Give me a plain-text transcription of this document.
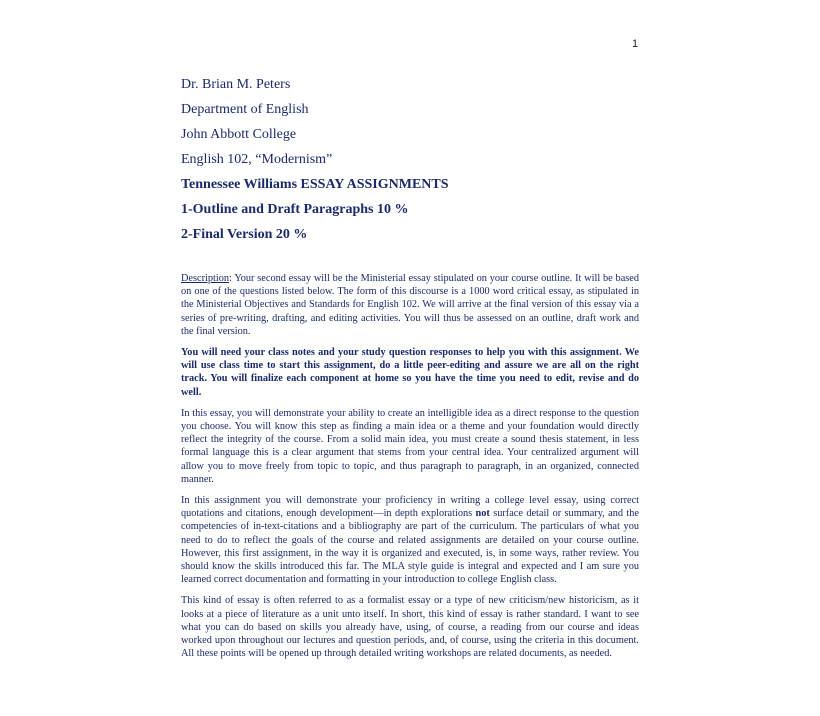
1
Dr. Brian M. Peters
Department of English
John Abbott College
English 102, “Modernism”
Tennessee Williams ESSAY ASSIGNMENTS
1-Outline and Draft Paragraphs 10 %
2-Final Version 20 %

Description: Your second essay will be the Ministerial essay stipulated on your course outline. It will be based on one of the questions listed below. The form of this discourse is a 1000 word critical essay, as stipulated in the Ministerial Objectives and Standards for English 102. We will arrive at the final version of this essay via a series of pre-writing, drafting, and editing activities. You will thus be assessed on an outline, draft work and the final version.

You will need your class notes and your study question responses to help you with this assignment. We will use class time to start this assignment, do a little peer-editing and assure we are all on the right track. You will finalize each component at home so you have the time you need to edit, revise and do well.

In this essay, you will demonstrate your ability to create an intelligible idea as a direct response to the question you choose. You will know this step as finding a main idea or a theme and your foundation would directly reflect the integrity of the course. From a solid main idea, you must create a sound thesis statement, in less formal language this is a clear argument that stems from your central idea. Your centralized argument will allow you to move freely from topic to topic, and thus paragraph to paragraph, in an organized, connected manner.

In this assignment you will demonstrate your proficiency in writing a college level essay, using correct quotations and citations, enough development—in depth explorations not surface detail or summary, and the competencies of in-text-citations and a bibliography are part of the curriculum. The particulars of what you need to do to reflect the goals of the course and related assignments are detailed on your course outline. However, this first assignment, in the way it is organized and executed, is, in some ways, rather review. You should know the skills introduced this far. The MLA style guide is integral and expected and I am sure you learned correct documentation and formatting in your introduction to college English class.

This kind of essay is often referred to as a formalist essay or a type of new criticism/new historicism, as it looks at a piece of literature as a unit unto itself. In short, this kind of essay is rather standard. I want to see what you can do based on skills you already have, using, of course, a reading from our course and ideas worked upon throughout our lectures and question periods, and, of course, using the criteria in this document. All these points will be opened up through detailed writing workshops are related documents, as needed.
